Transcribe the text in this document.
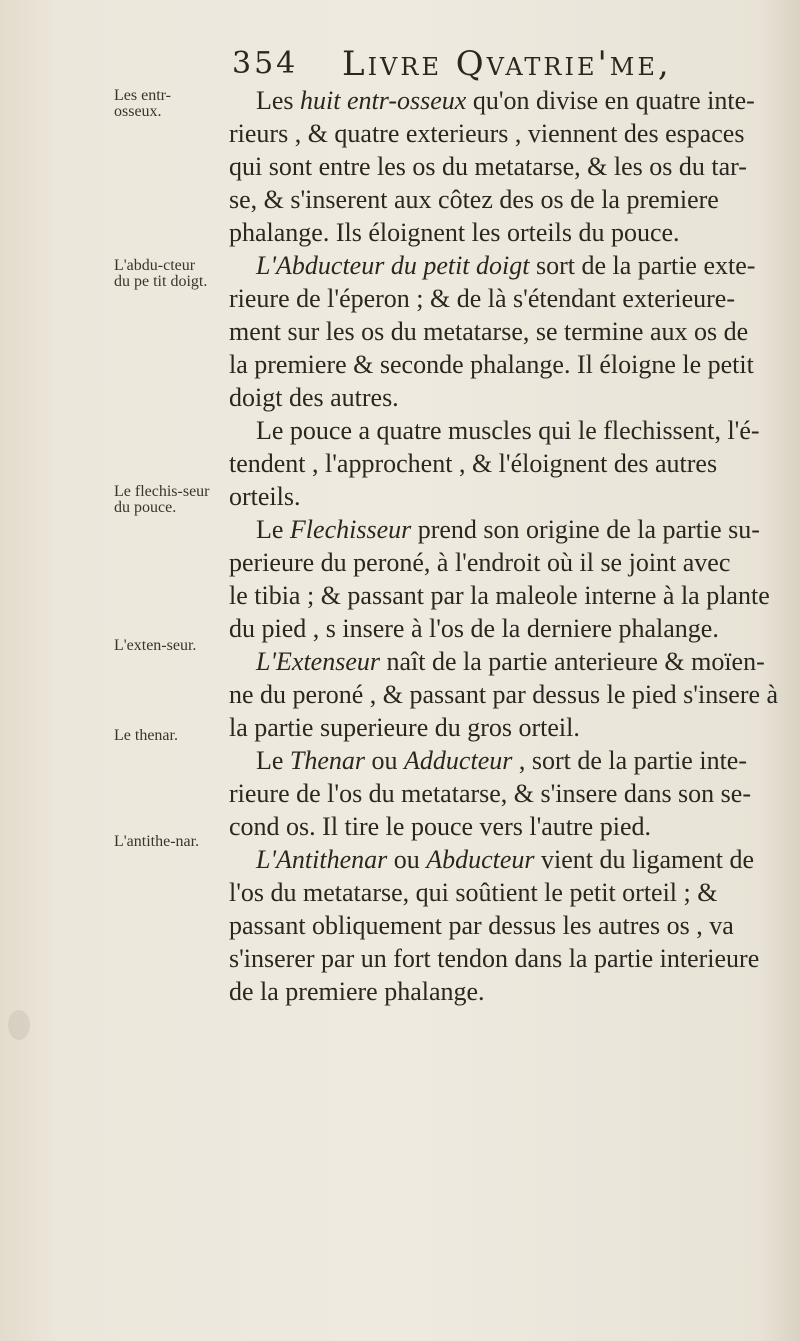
354 Livre Qvatrie'me,
Les entr-osseux.
L'abdu-cteur du pe tit doigt.
Le flechis-seur du pouce.
L'exten-seur.
Le thenar.
L'antithe-nar.
Les huit entr-osseux qu'on divise en quatre inte-
rieurs , & quatre exterieurs , viennent des espaces
qui sont entre les os du metatarse, & les os du tar-
se, & s'inserent aux côtez des os de la premiere
phalange. Ils éloignent les orteils du pouce.
L'Abducteur du petit doigt sort de la partie exte-
rieure de l'éperon ; & de là s'étendant exterieure-
ment sur les os du metatarse, se termine aux os de
la premiere & seconde phalange. Il éloigne le petit
doigt des autres.
Le pouce a quatre muscles qui le flechissent, l'é-
tendent , l'approchent , & l'éloignent des autres
orteils.
Le Flechisseur prend son origine de la partie su-
perieure du peroné, à l'endroit où il se joint avec
le tibia ; & passant par la maleole interne à la plante
du pied , s insere à l'os de la derniere phalange.
L'Extenseur naît de la partie anterieure & moïen-
ne du peroné , & passant par dessus le pied s'insere à
la partie superieure du gros orteil.
Le Thenar ou Adducteur , sort de la partie inte-
rieure de l'os du metatarse, & s'insere dans son se-
cond os. Il tire le pouce vers l'autre pied.
L'Antithenar ou Abducteur vient du ligament de
l'os du metatarse, qui soûtient le petit orteil ; &
passant obliquement par dessus les autres os , va
s'inserer par un fort tendon dans la partie interieure
de la premiere phalange.
